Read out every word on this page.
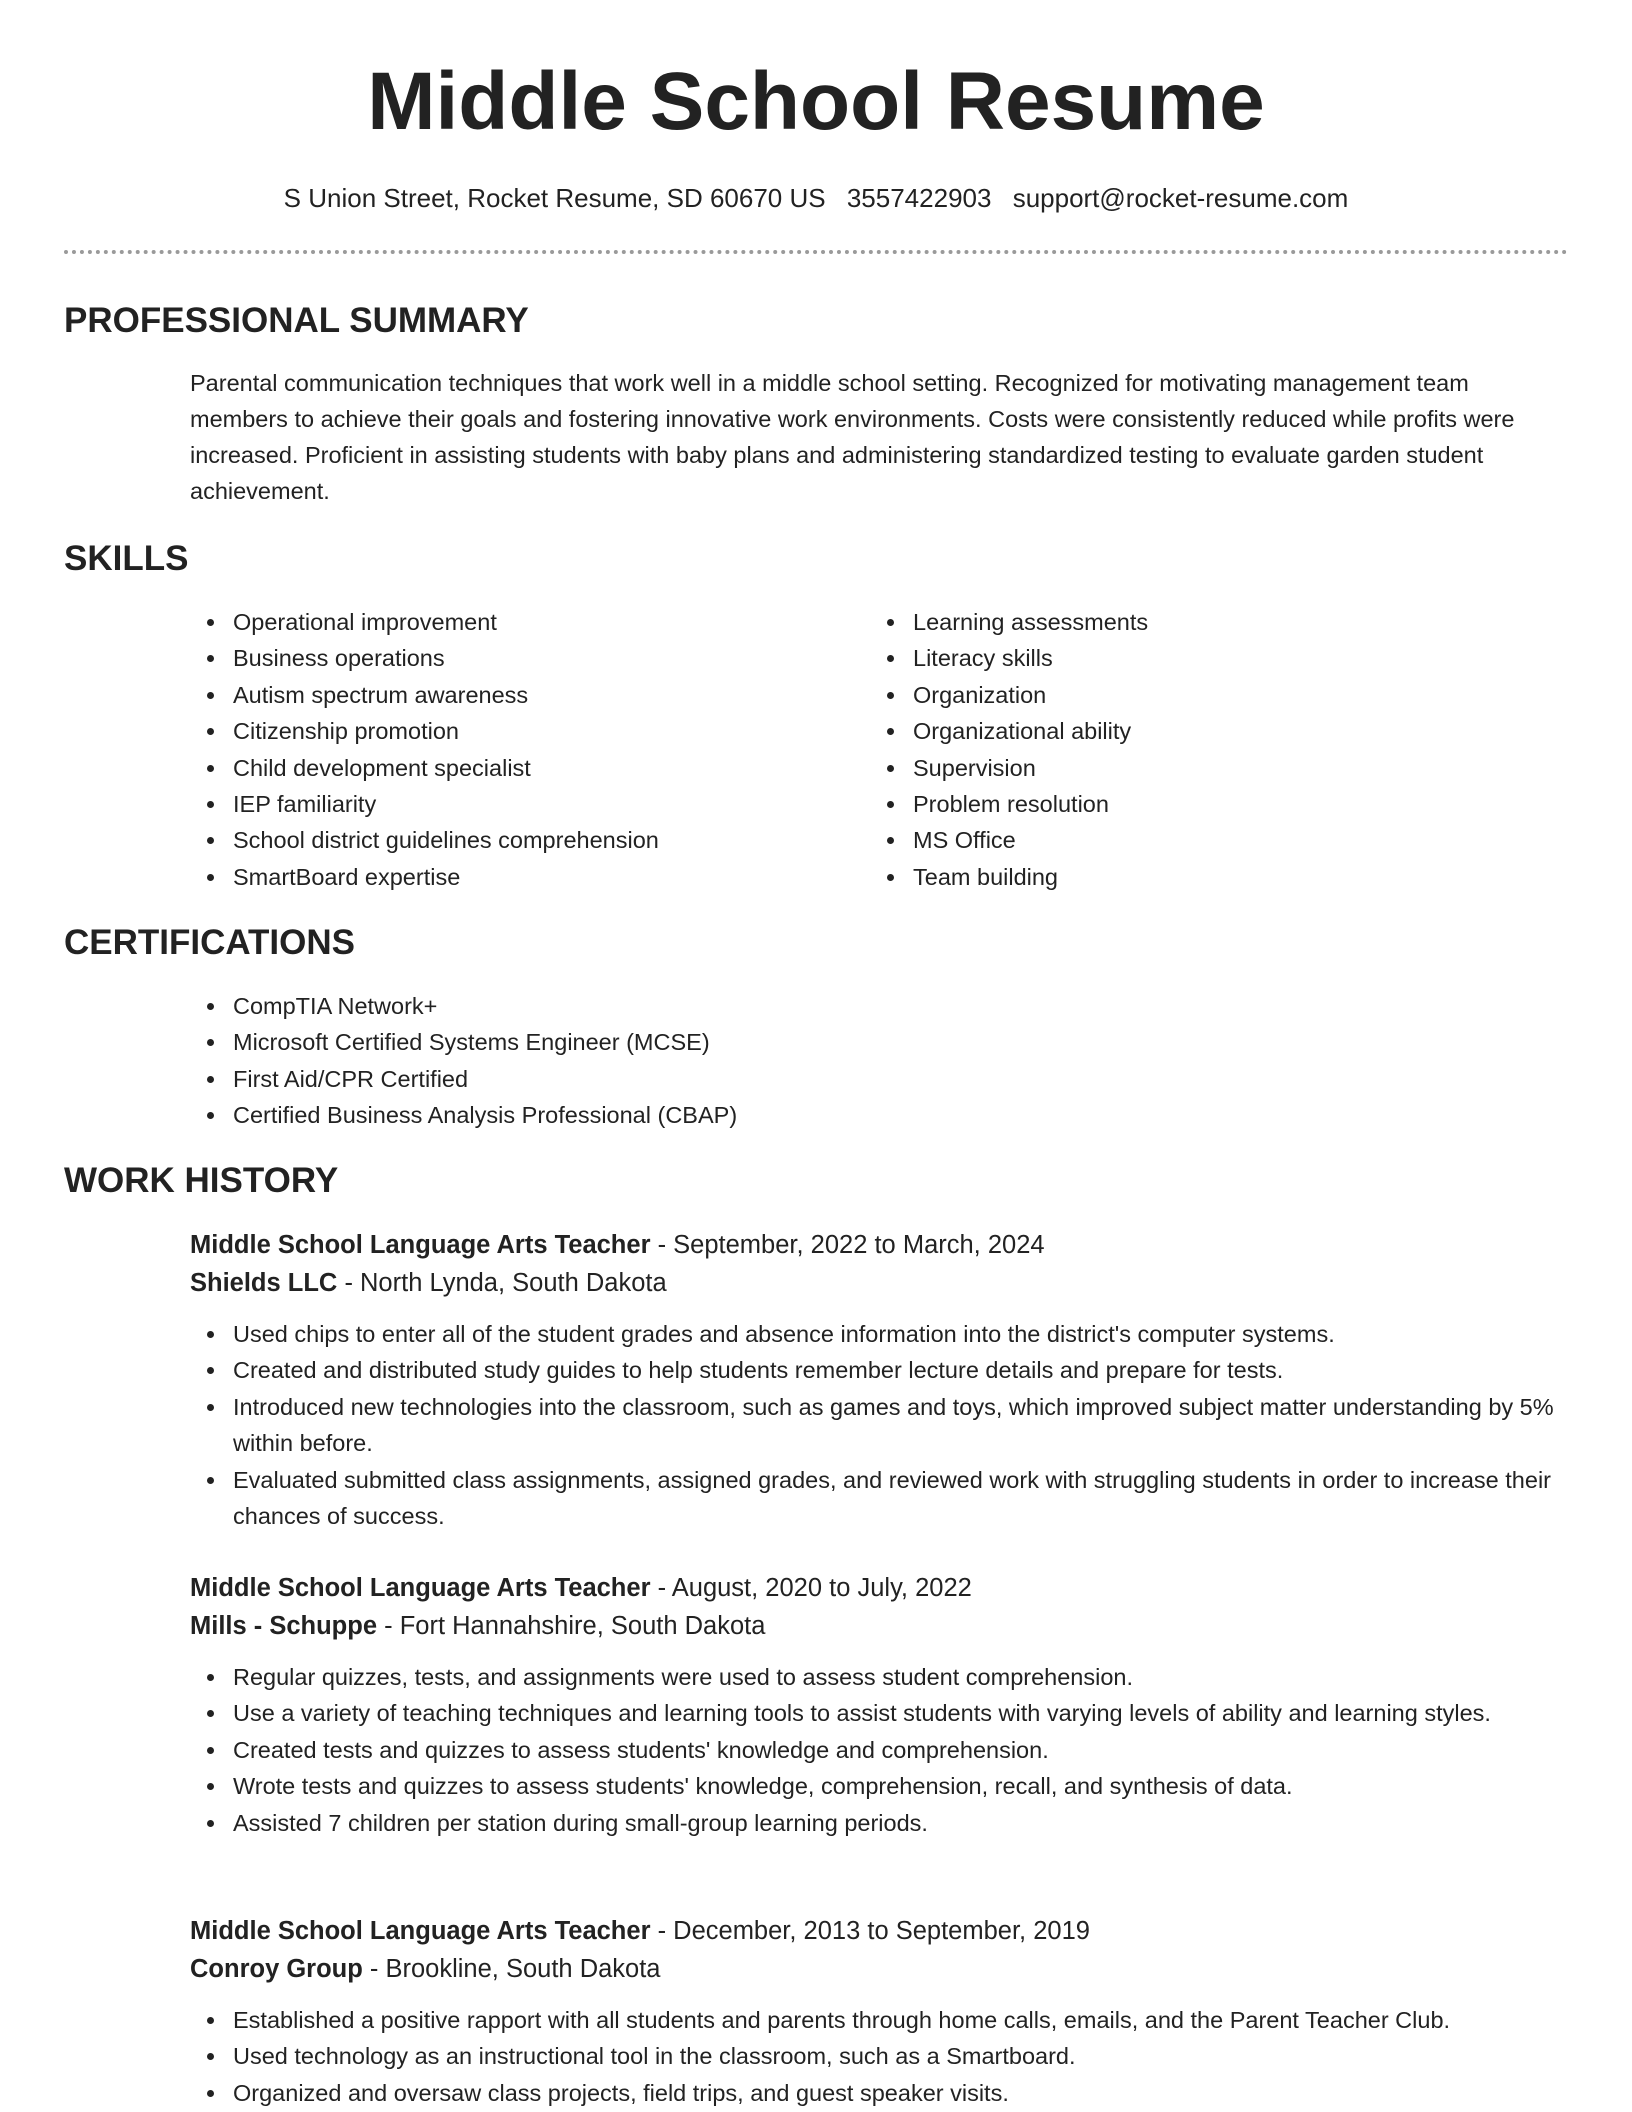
Middle School Resume
S Union Street, Rocket Resume, SD 60670 US 3557422903 support@rocket-resume.com
PROFESSIONAL SUMMARY

Parental communication techniques that work well in a middle school setting. Recognized for motivating management team members to achieve their goals and fostering innovative work environments. Costs were consistently reduced while profits were increased. Proficient in assisting students with baby plans and administering standardized testing to evaluate garden student achievement.

SKILLS
Operational improvement
Business operations
Autism spectrum awareness
Citizenship promotion
Child development specialist
IEP familiarity
School district guidelines comprehension
SmartBoard expertise
Learning assessments
Literacy skills
Organization
Organizational ability
Supervision
Problem resolution
MS Office
Team building
CERTIFICATIONS
CompTIA Network+
Microsoft Certified Systems Engineer (MCSE)
First Aid/CPR Certified
Certified Business Analysis Professional (CBAP)
WORK HISTORY

Middle School Language Arts Teacher - September, 2022 to March, 2024

Shields LLC - North Lynda, South Dakota

Used chips to enter all of the student grades and absence information into the district's computer systems.
Created and distributed study guides to help students remember lecture details and prepare for tests.
Introduced new technologies into the classroom, such as games and toys, which improved subject matter understanding by 5% within before.
Evaluated submitted class assignments, assigned grades, and reviewed work with struggling students in order to increase their chances of success.

Middle School Language Arts Teacher - August, 2020 to July, 2022

Mills - Schuppe - Fort Hannahshire, South Dakota

Regular quizzes, tests, and assignments were used to assess student comprehension.
Use a variety of teaching techniques and learning tools to assist students with varying levels of ability and learning styles.
Created tests and quizzes to assess students' knowledge and comprehension.
Wrote tests and quizzes to assess students' knowledge, comprehension, recall, and synthesis of data.
Assisted 7 children per station during small-group learning periods.

Middle School Language Arts Teacher - December, 2013 to September, 2019

Conroy Group - Brookline, South Dakota

Established a positive rapport with all students and parents through home calls, emails, and the Parent Teacher Club.
Used technology as an instructional tool in the classroom, such as a Smartboard.
Organized and oversaw class projects, field trips, and guest speaker visits.
